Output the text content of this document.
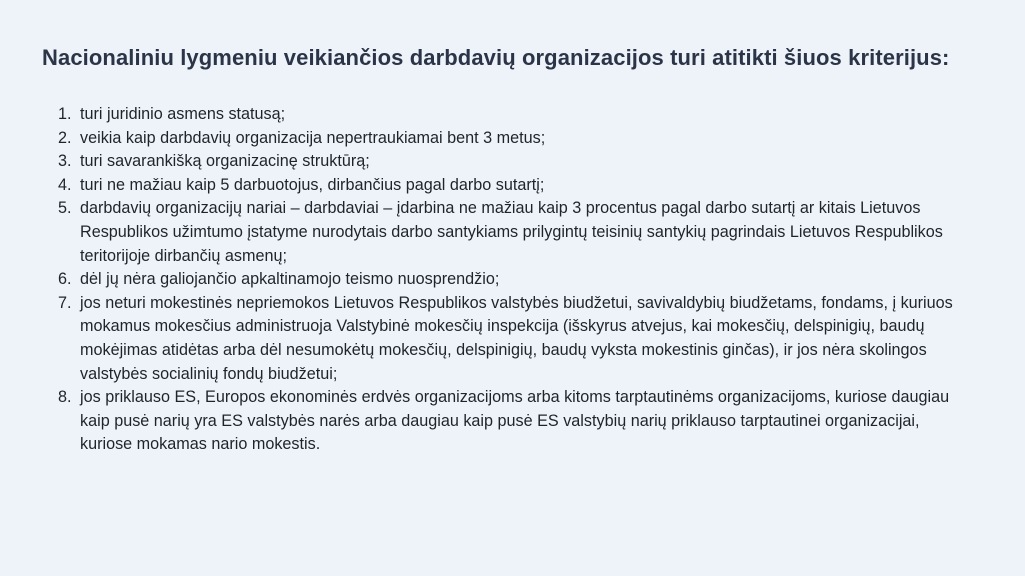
Nacionaliniu lygmeniu veikiančios darbdavių organizacijos turi atitikti šiuos kriterijus:
1. turi juridinio asmens statusą;
2. veikia kaip darbdavių organizacija nepertraukiamai bent 3 metus;
3. turi savarankišką organizacinę struktūrą;
4. turi ne mažiau kaip 5 darbuotojus, dirbančius pagal darbo sutartį;
5. darbdavių organizacijų nariai – darbdaviai – įdarbina ne mažiau kaip 3 procentus pagal darbo sutartį ar kitais Lietuvos Respublikos užimtumo įstatyme nurodytais darbo santykiams prilygintų teisinių santykių pagrindais Lietuvos Respublikos teritorijoje dirbančių asmenų;
6. dėl jų nėra galiojančio apkaltinamojo teismo nuosprendžio;
7. jos neturi mokestinės nepriemokos Lietuvos Respublikos valstybės biudžetui, savivaldybių biudžetams, fondams, į kuriuos mokamus mokesčius administruoja Valstybinė mokesčių inspekcija (išskyrus atvejus, kai mokesčių, delspinigių, baudų mokėjimas atidėtas arba dėl nesumokėtų mokesčių, delspinigių, baudų vyksta mokestinis ginčas), ir jos nėra skolingos valstybės socialinių fondų biudžetui;
8. jos priklauso ES, Europos ekonominės erdvės organizacijoms arba kitoms tarptautinėms organizacijoms, kuriose daugiau kaip pusė narių yra ES valstybės narės arba daugiau kaip pusė ES valstybių narių priklauso tarptautinei organizacijai, kuriose mokamas nario mokestis.
